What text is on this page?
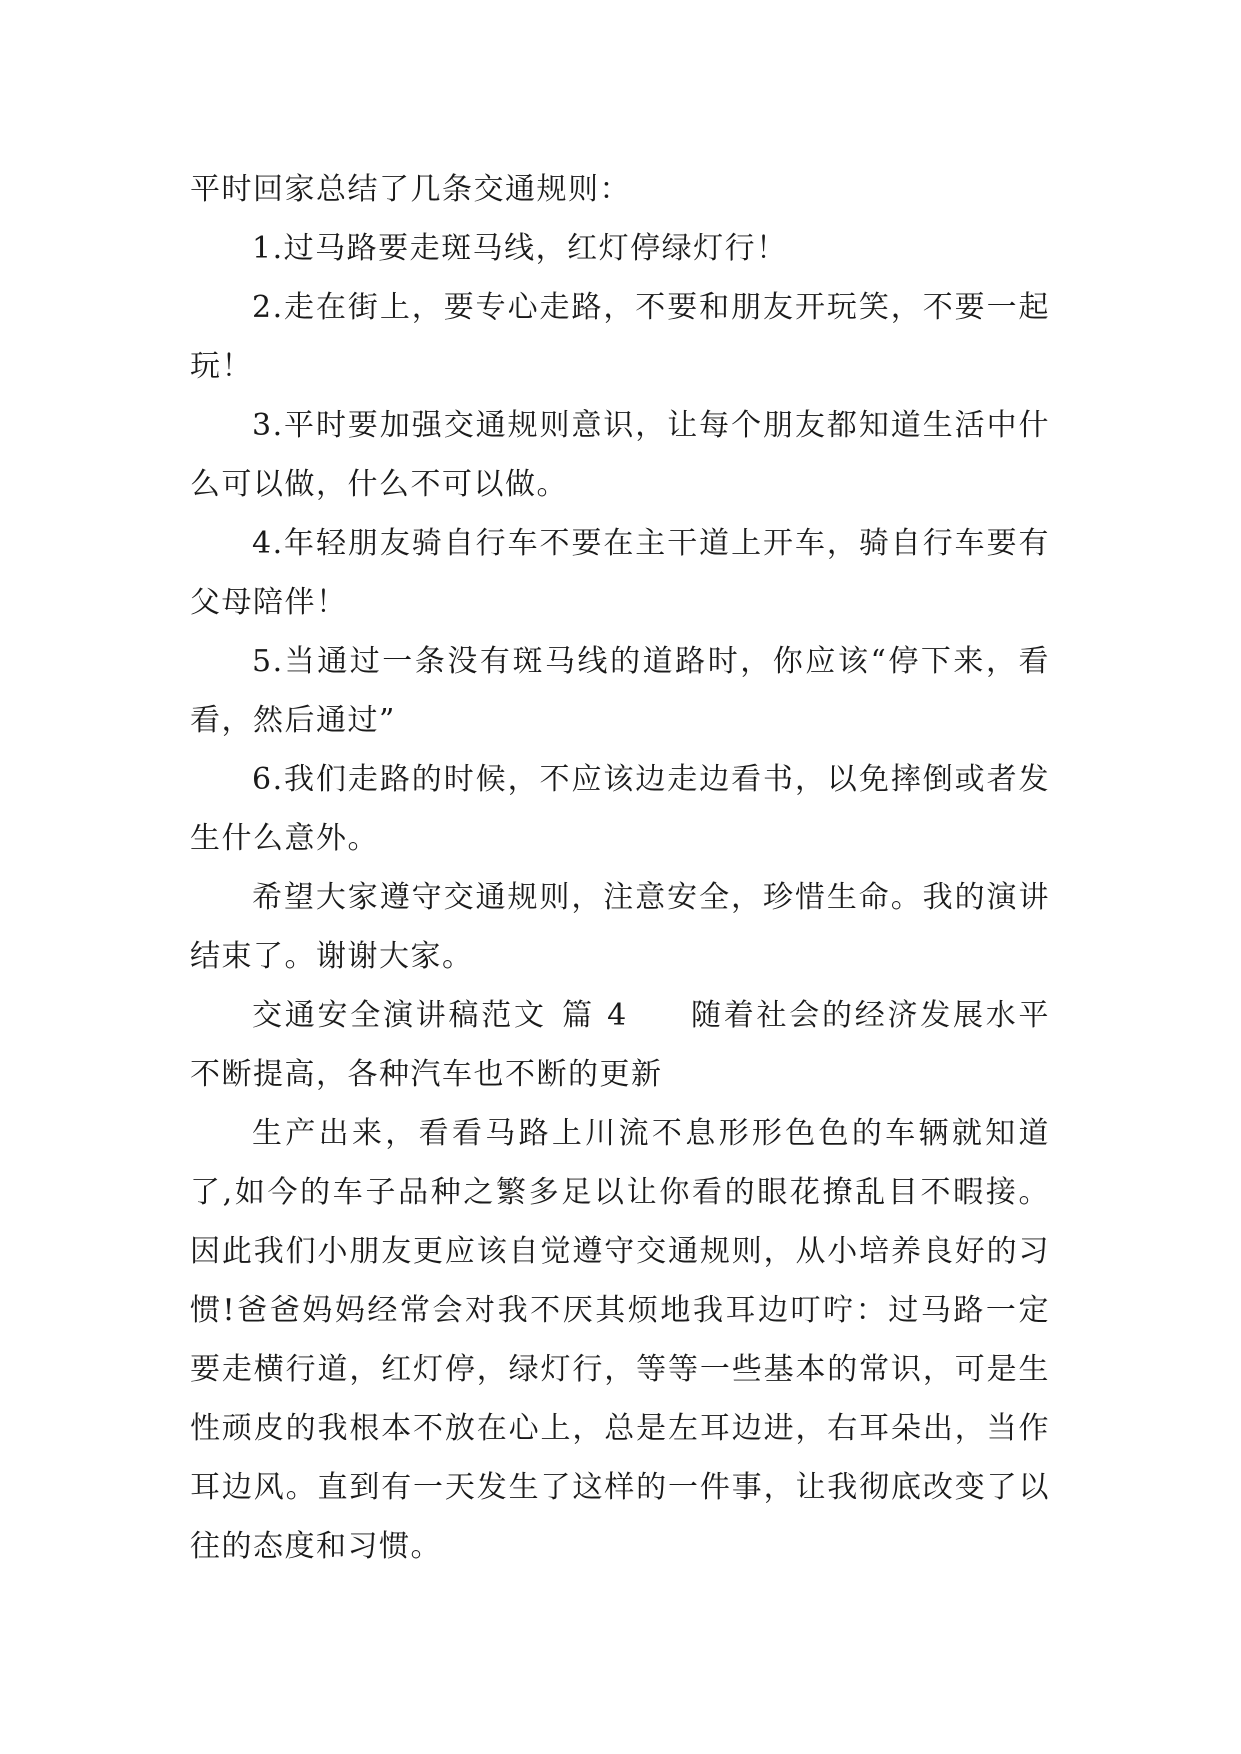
平时回家总结了几条交通规则：

1.过马路要走斑马线，红灯停绿灯行！

2.走在街上，要专心走路，不要和朋友开玩笑，不要一起玩！

3.平时要加强交通规则意识，让每个朋友都知道生活中什么可以做，什么不可以做。

4.年轻朋友骑自行车不要在主干道上开车，骑自行车要有父母陪伴！

5.当通过一条没有斑马线的道路时，你应该“停下来，看看，然后通过”

6.我们走路的时候，不应该边走边看书，以免摔倒或者发生什么意外。

希望大家遵守交通规则，注意安全，珍惜生命。我的演讲结束了。谢谢大家。

交通安全演讲稿范文 篇 4 随着社会的经济发展水平不断提高，各种汽车也不断的更新

生产出来，看看马路上川流不息形形色色的车辆就知道了,如今的车子品种之繁多足以让你看的眼花撩乱目不暇接。因此我们小朋友更应该自觉遵守交通规则，从小培养良好的习惯!爸爸妈妈经常会对我不厌其烦地我耳边叮咛：过马路一定要走横行道，红灯停，绿灯行，等等一些基本的常识，可是生性顽皮的我根本不放在心上，总是左耳边进，右耳朵出，当作耳边风。直到有一天发生了这样的一件事，让我彻底改变了以往的态度和习惯。
